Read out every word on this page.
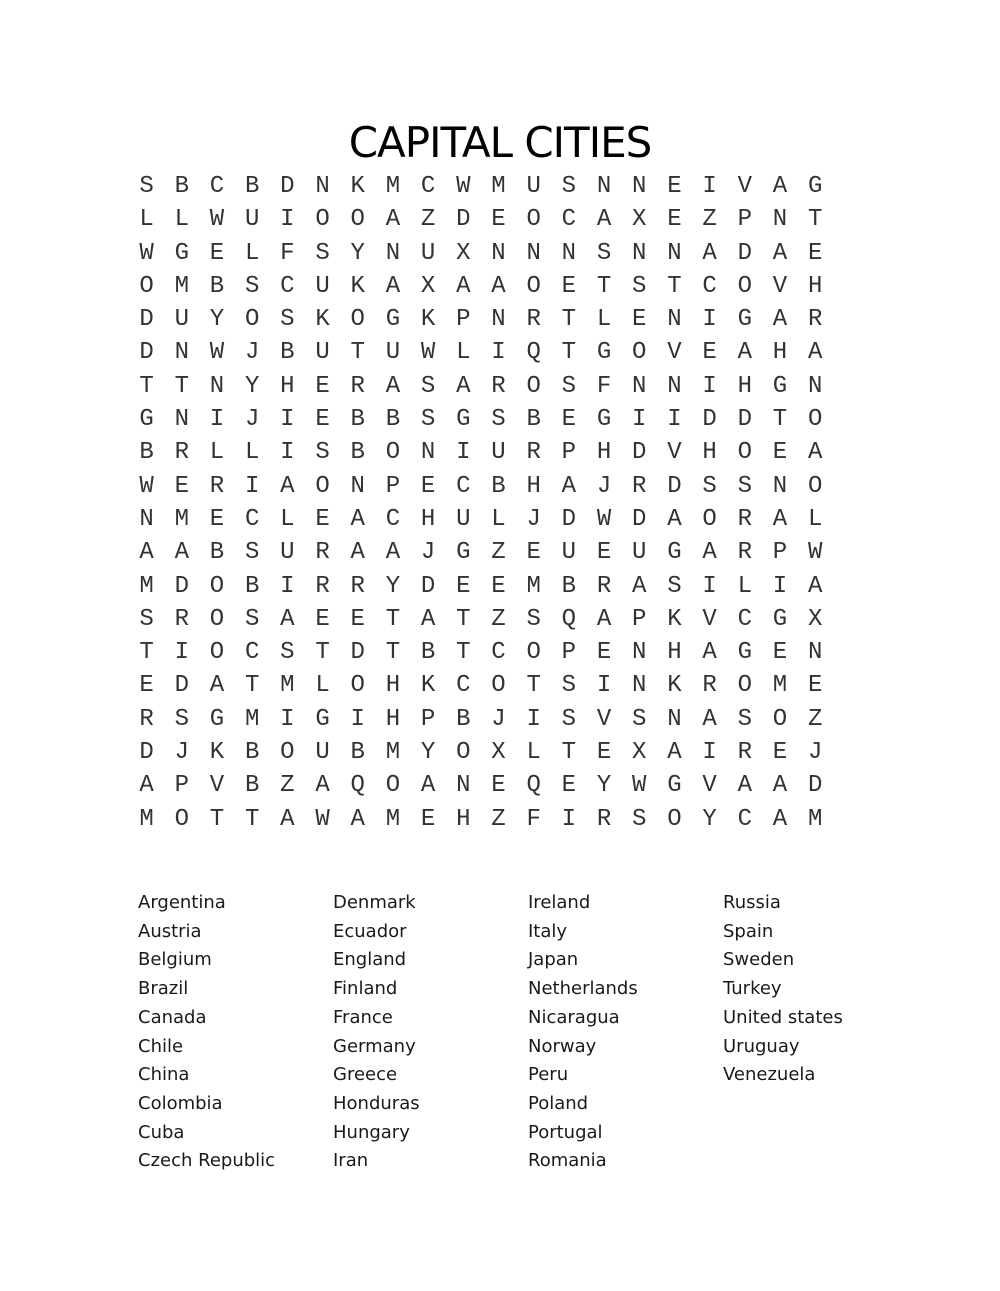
CAPITAL CITIES
S B C B D N K M C W M U S N N E I V A G
L L W U I O O A Z D E O C A X E Z P N T
W G E L F S Y N U X N N N S N N A D A E
O M B S C U K A X A A O E T S T C O V H
D U Y O S K O G K P N R T L E N I G A R
D N W J B U T U W L I Q T G O V E A H A
T T N Y H E R A S A R O S F N N I H G N
G N I J I E B B S G S B E G I I D D T O
B R L L I S B O N I U R P H D V H O E A
W E R I A O N P E C B H A J R D S S N O
N M E C L E A C H U L J D W D A O R A L
A A B S U R A A J G Z E U E U G A R P W
M D O B I R R Y D E E M B R A S I L I A
S R O S A E E T A T Z S Q A P K V C G X
T I O C S T D T B T C O P E N H A G E N
E D A T M L O H K C O T S I N K R O M E
R S G M I G I H P B J I S V S N A S O Z
D J K B O U B M Y O X L T E X A I R E J
A P V B Z A Q O A N E Q E Y W G V A A D
M O T T A W A M E H Z F I R S O Y C A M
Argentina
Austria
Belgium
Brazil
Canada
Chile
China
Colombia
Cuba
Czech Republic
Denmark
Ecuador
England
Finland
France
Germany
Greece
Honduras
Hungary
Iran
Ireland
Italy
Japan
Netherlands
Nicaragua
Norway
Peru
Poland
Portugal
Romania
Russia
Spain
Sweden
Turkey
United states
Uruguay
Venezuela
